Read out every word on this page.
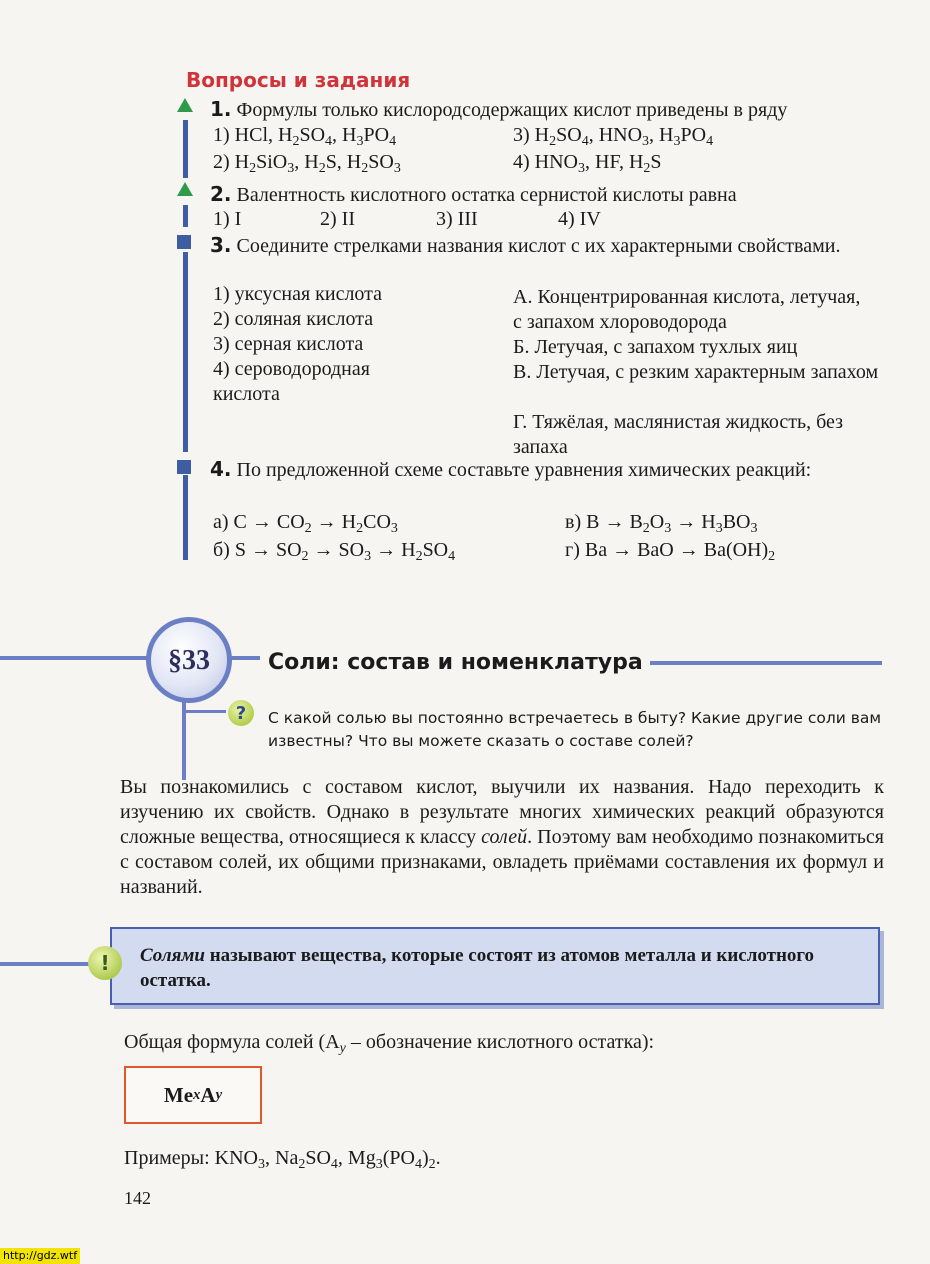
Вопросы и задания
1. Формулы только кислородсодержащих кислот приведены в ряду
1) HCl, $H_2SO_4$, $H_3PO_4$
2) $H_2SiO_3$, $H_2S$, $H_2SO_3$
3) $H_2SO_4$, $HNO_3$, $H_3PO_4$
4) $HNO_3$, HF, $H_2S$
2. Валентность кислотного остатка сернистой кислоты равна
1) I	2) II	3) III	4) IV
3. Соедините стрелками названия кислот с их характерными свойствами.
1) уксусная кислота
2) соляная кислота
3) серная кислота
4) сероводородная кислота
А. Концентрированная кислота, летучая, с запахом хлороводорода
Б. Летучая, с запахом тухлых яиц
В. Летучая, с резким характерным запахом
Г. Тяжёлая, маслянистая жидкость, без запаха
4. По предложенной схеме составьте уравнения химических реакций:
а) $C \to CO_2 \to H_2CO_3$
б) $S \to SO_2 \to SO_3 \to H_2SO_4$
в) $B \to B_2O_3 \to H_3BO_3$
г) Ba → BaO → $Ba(OH)_2$
§33	Соли: состав и номенклатура
?	С какой солью вы постоянно встречаетесь в быту? Какие другие соли вам известны? Что вы можете сказать о составе солей?
Вы познакомились с составом кислот, выучили их названия. Надо переходить к изучению их свойств. Однако в результате многих химических реакций образуются сложные вещества, относящиеся к классу солей. Поэтому вам необходимо познакомиться с составом солей, их общими признаками, овладеть приёмами составления их формул и названий.
!	Солями называют вещества, которые состоят из атомов металла и кислотного остатка.
Общая формула солей ($A_y$ – обозначение кислотного остатка):
Me x A y
Примеры: $KNO_3$, $Na_2SO_4$, $Mg_3(PO_4)_2$.
142
http://gdz.wtf
